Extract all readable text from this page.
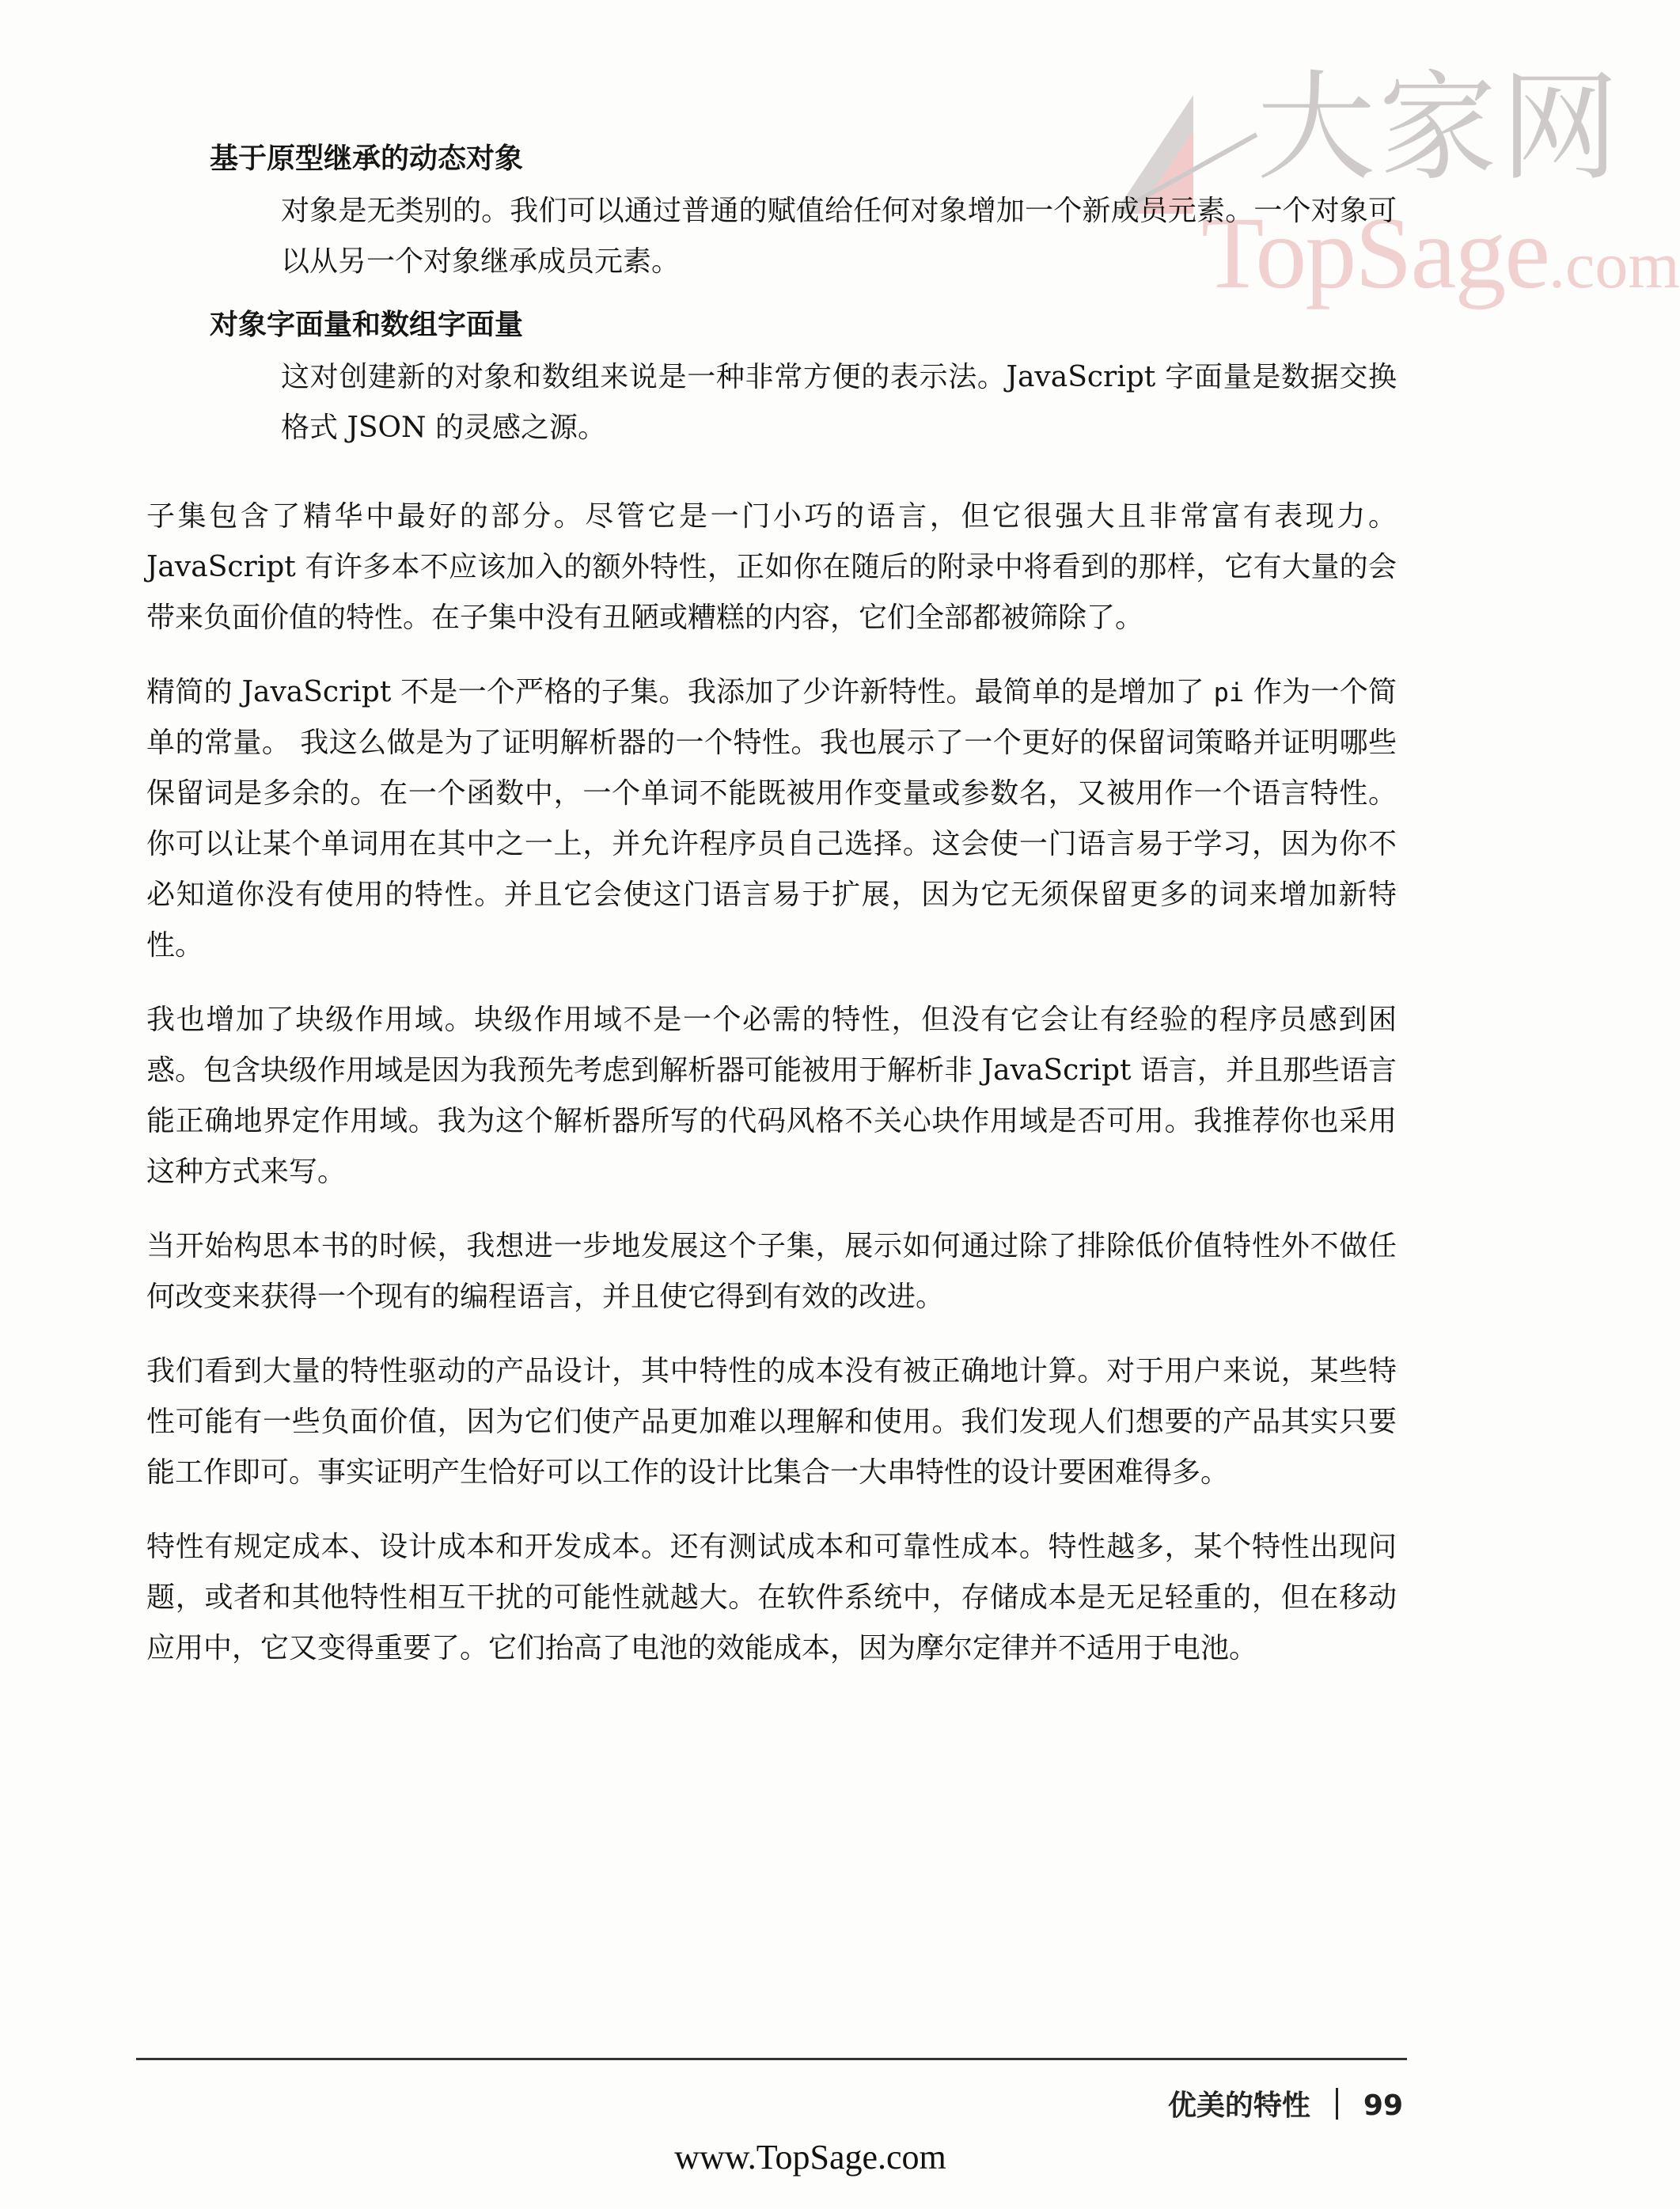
大家网
TopSage.com
基于原型继承的动态对象
对象是无类别的。我们可以通过普通的赋值给任何对象增加一个新成员元素。一个对象可以从另一个对象继承成员元素。
对象字面量和数组字面量
这对创建新的对象和数组来说是一种非常方便的表示法。JavaScript 字面量是数据交换格式 JSON 的灵感之源。

子集包含了精华中最好的部分。尽管它是一门小巧的语言，但它很强大且非常富有表现力。JavaScript 有许多本不应该加入的额外特性，正如你在随后的附录中将看到的那样，它有大量的会带来负面价值的特性。在子集中没有丑陋或糟糕的内容，它们全部都被筛除了。

精简的 JavaScript 不是一个严格的子集。我添加了少许新特性。最简单的是增加了 pi 作为一个简单的常量。 我这么做是为了证明解析器的一个特性。我也展示了一个更好的保留词策略并证明哪些保留词是多余的。在一个函数中，一个单词不能既被用作变量或参数名，又被用作一个语言特性。你可以让某个单词用在其中之一上，并允许程序员自己选择。这会使一门语言易于学习，因为你不必知道你没有使用的特性。并且它会使这门语言易于扩展，因为它无须保留更多的词来增加新特性。

我也增加了块级作用域。块级作用域不是一个必需的特性，但没有它会让有经验的程序员感到困惑。包含块级作用域是因为我预先考虑到解析器可能被用于解析非 JavaScript 语言，并且那些语言能正确地界定作用域。我为这个解析器所写的代码风格不关心块作用域是否可用。我推荐你也采用这种方式来写。

当开始构思本书的时候，我想进一步地发展这个子集，展示如何通过除了排除低价值特性外不做任何改变来获得一个现有的编程语言，并且使它得到有效的改进。

我们看到大量的特性驱动的产品设计，其中特性的成本没有被正确地计算。对于用户来说，某些特性可能有一些负面价值，因为它们使产品更加难以理解和使用。我们发现人们想要的产品其实只要能工作即可。事实证明产生恰好可以工作的设计比集合一大串特性的设计要困难得多。

特性有规定成本、设计成本和开发成本。还有测试成本和可靠性成本。特性越多，某个特性出现问题，或者和其他特性相互干扰的可能性就越大。在软件系统中，存储成本是无足轻重的，但在移动应用中，它又变得重要了。它们抬高了电池的效能成本，因为摩尔定律并不适用于电池。

优美的特性 99
www.TopSage.com
